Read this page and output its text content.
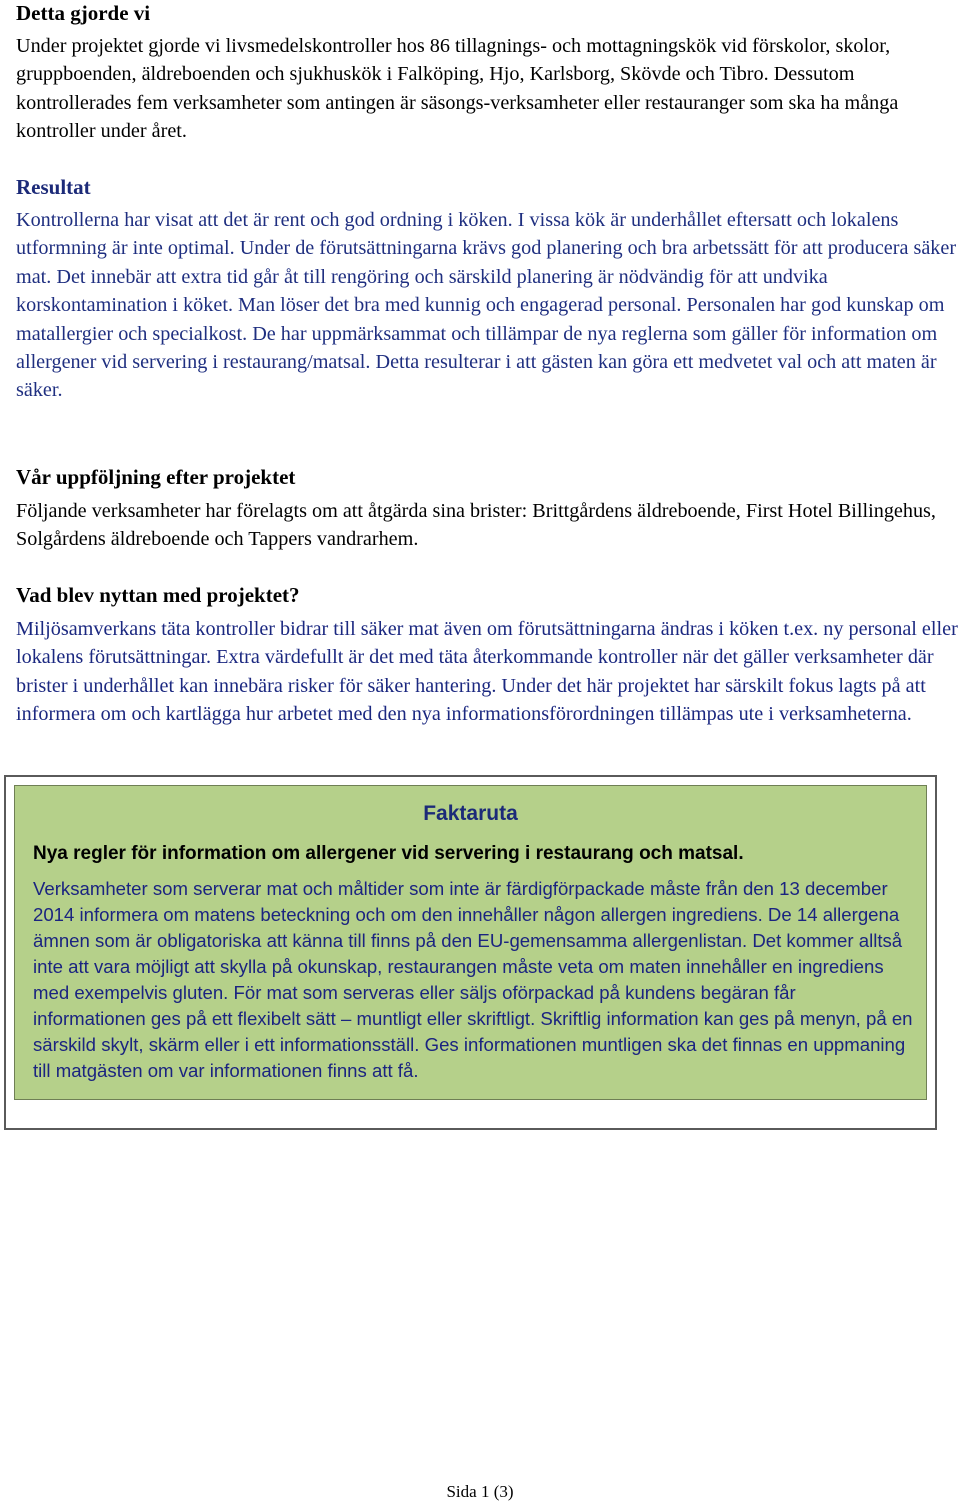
Detta gjorde vi

Under projektet gjorde vi livsmedelskontroller hos 86 tillagnings- och mottagningskök vid förskolor, skolor, gruppboenden, äldreboenden och sjukhuskök i Falköping, Hjo, Karlsborg, Skövde och Tibro. Dessutom kontrollerades fem verksamheter som antingen är säsongs-verksamheter eller restauranger som ska ha många kontroller under året.

Resultat

Kontrollerna har visat att det är rent och god ordning i köken. I vissa kök är underhållet eftersatt och lokalens utformning är inte optimal. Under de förutsättningarna krävs god planering och bra arbetssätt för att producera säker mat. Det innebär att extra tid går åt till rengöring och särskild planering är nödvändig för att undvika korskontamination i köket. Man löser det bra med kunnig och engagerad personal. Personalen har god kunskap om matallergier och specialkost. De har uppmärksammat och tillämpar de nya reglerna som gäller för information om allergener vid servering i restaurang/matsal. Detta resulterar i att gästen kan göra ett medvetet val och att maten är säker.

Vår uppföljning efter projektet

Följande verksamheter har förelagts om att åtgärda sina brister: Brittgårdens äldreboende, First Hotel Billingehus, Solgårdens äldreboende och Tappers vandrarhem.

Vad blev nyttan med projektet?

Miljösamverkans täta kontroller bidrar till säker mat även om förutsättningarna ändras i köken t.ex. ny personal eller lokalens förutsättningar. Extra värdefullt är det med täta återkommande kontroller när det gäller verksamheter där brister i underhållet kan innebära risker för säker hantering. Under det här projektet har särskilt fokus lagts på att informera om och kartlägga hur arbetet med den nya informationsförordningen tillämpas ute i verksamheterna.

Faktaruta
Nya regler för information om allergener vid servering i restaurang och matsal.
Verksamheter som serverar mat och måltider som inte är färdigförpackade måste från den 13 december 2014 informera om matens beteckning och om den innehåller någon allergen ingrediens. De 14 allergena ämnen som är obligatoriska att känna till finns på den EU-gemensamma allergenlistan. Det kommer alltså inte att vara möjligt att skylla på okunskap, restaurangen måste veta om maten innehåller en ingrediens med exempelvis gluten. För mat som serveras eller säljs oförpackad på kundens begäran får informationen ges på ett flexibelt sätt – muntligt eller skriftligt. Skriftlig information kan ges på menyn, på en särskild skylt, skärm eller i ett informationsställ. Ges informationen muntligen ska det finnas en uppmaning till matgästen om var informationen finns att få.
Sida 1 (3)
